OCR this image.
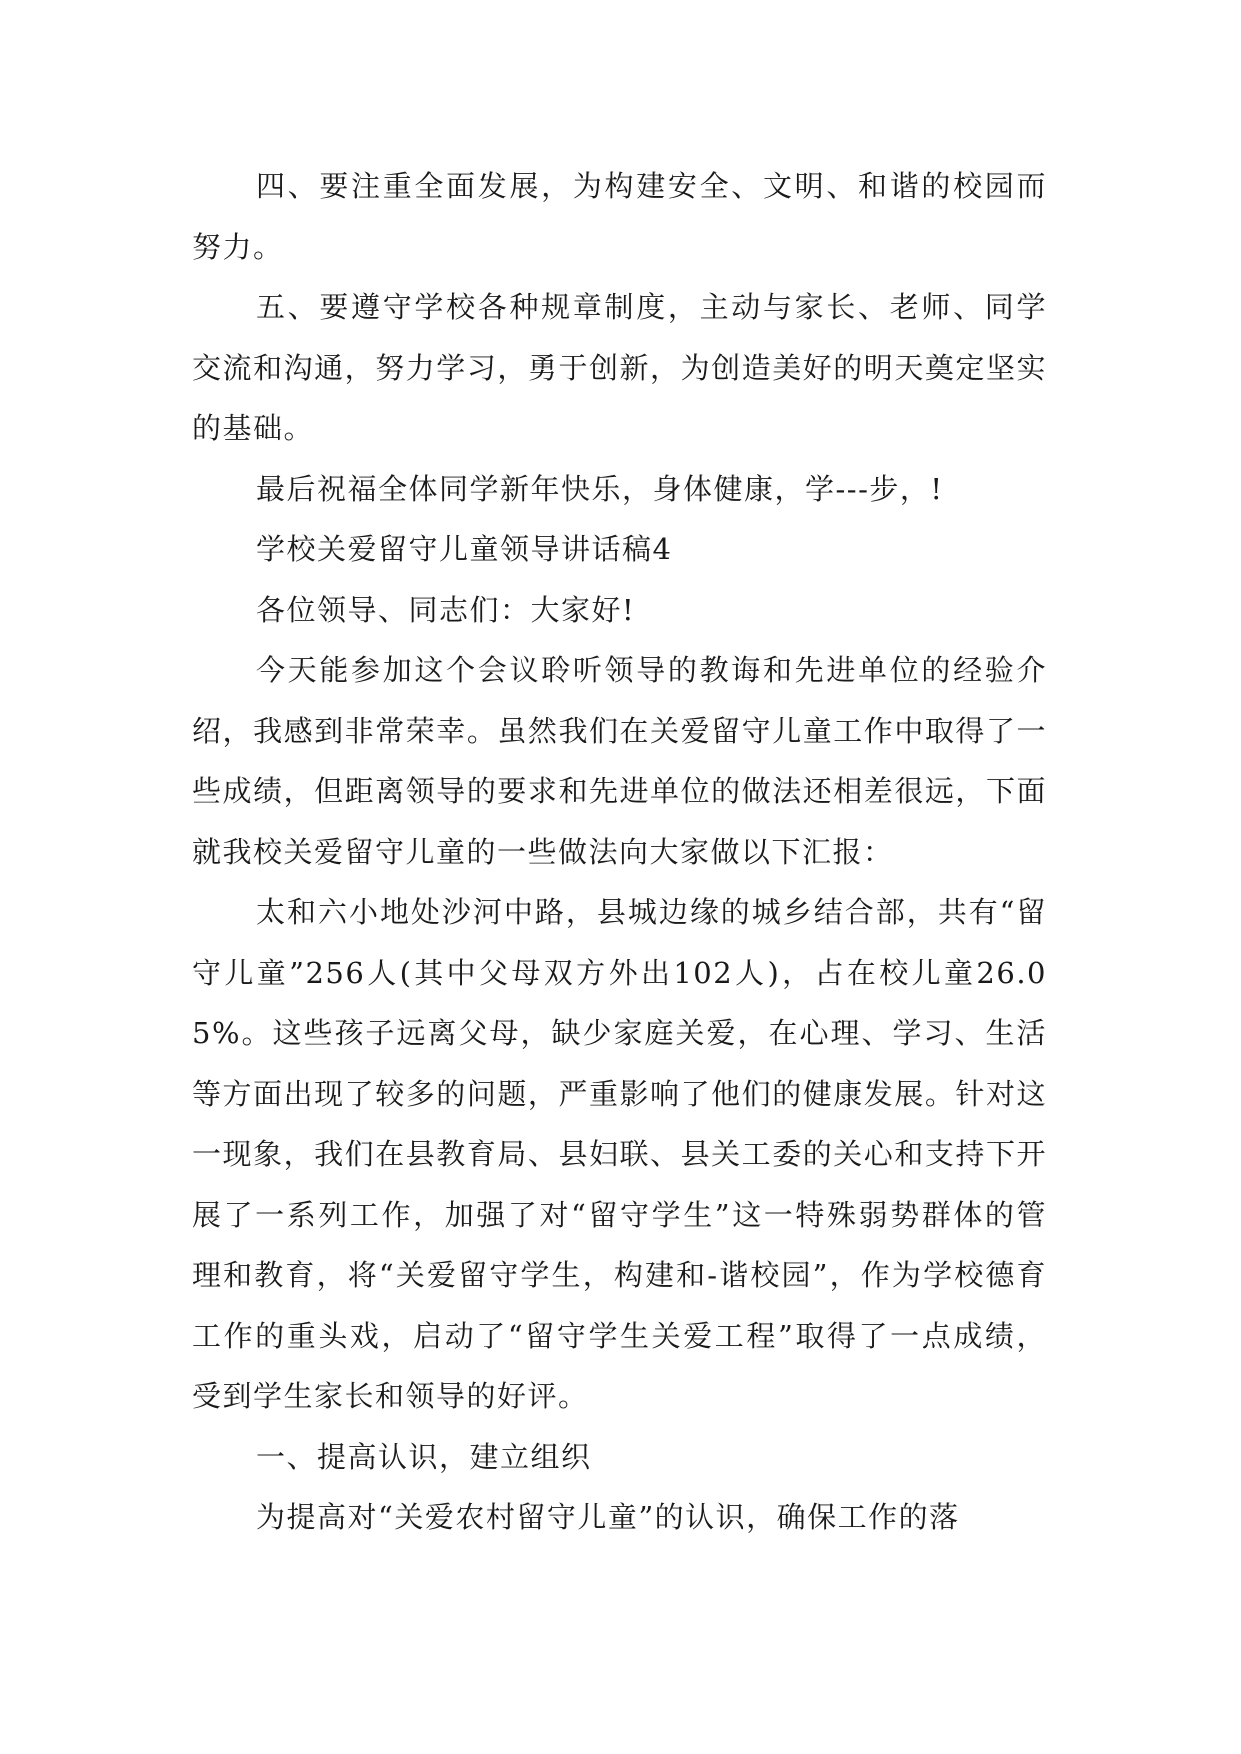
四、要注重全面发展，为构建安全、文明、和谐的校园而努力。

五、要遵守学校各种规章制度，主动与家长、老师、同学交流和沟通，努力学习，勇于创新，为创造美好的明天奠定坚实的基础。

最后祝福全体同学新年快乐，身体健康，学---步，!

学校关爱留守儿童领导讲话稿4

各位领导、同志们：大家好!

今天能参加这个会议聆听领导的教诲和先进单位的经验介绍，我感到非常荣幸。虽然我们在关爱留守儿童工作中取得了一些成绩，但距离领导的要求和先进单位的做法还相差很远，下面就我校关爱留守儿童的一些做法向大家做以下汇报：

太和六小地处沙河中路，县城边缘的城乡结合部，共有“留守儿童”256人(其中父母双方外出102人)，占在校儿童26.05%。这些孩子远离父母，缺少家庭关爱，在心理、学习、生活等方面出现了较多的问题，严重影响了他们的健康发展。针对这一现象，我们在县教育局、县妇联、县关工委的关心和支持下开展了一系列工作，加强了对“留守学生”这一特殊弱势群体的管理和教育，将“关爱留守学生，构建和-谐校园”，作为学校德育工作的重头戏，启动了“留守学生关爱工程”取得了一点成绩，受到学生家长和领导的好评。

一、提高认识，建立组织

为提高对“关爱农村留守儿童”的认识，确保工作的落
